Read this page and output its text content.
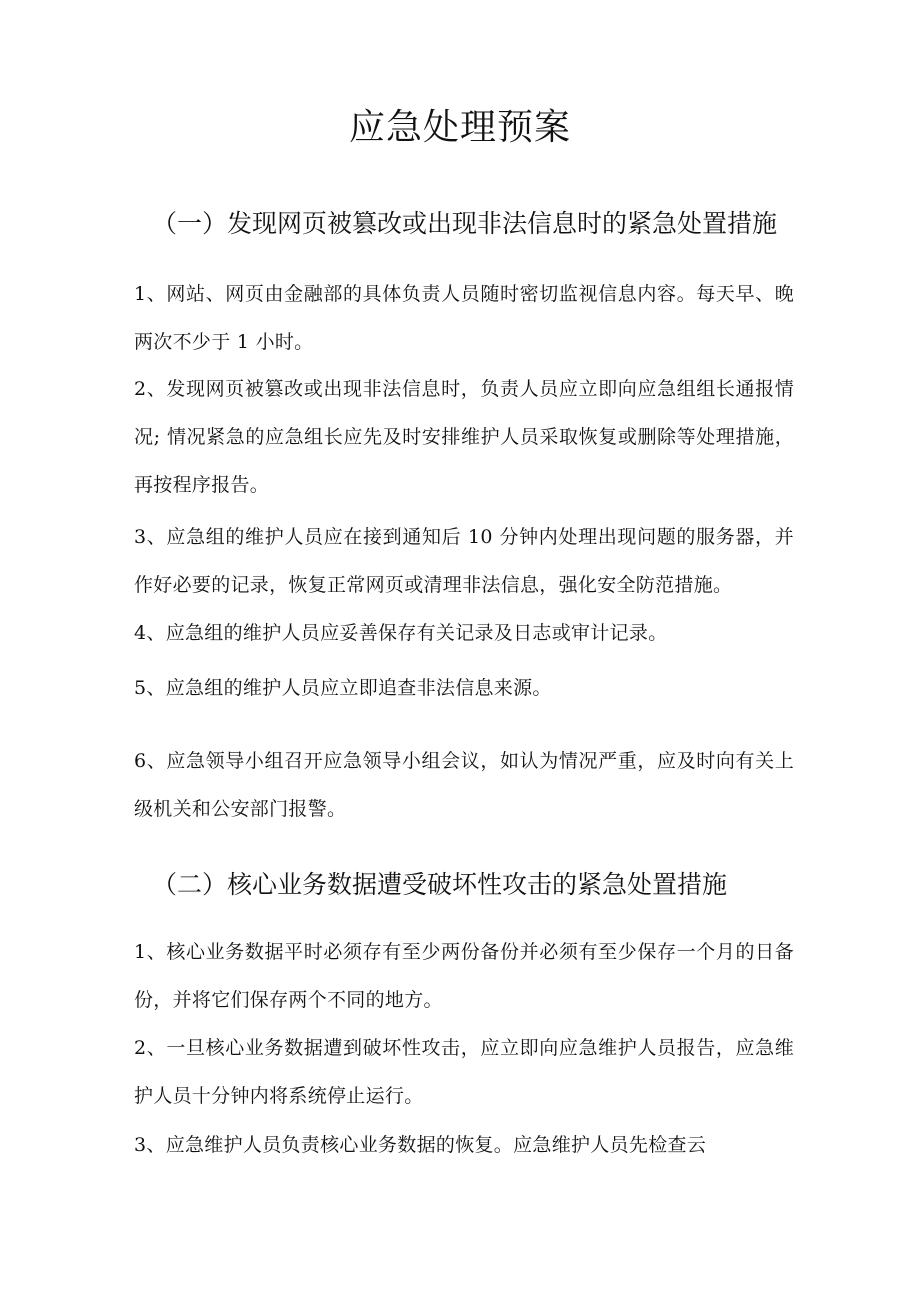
应急处理预案
（一）发现网页被篡改或出现非法信息时的紧急处置措施

1、网站、网页由金融部的具体负责人员随时密切监视信息内容。每天早、晚两次不少于 1 小时。

2、发现网页被篡改或出现非法信息时，负责人员应立即向应急组组长通报情况; 情况紧急的应急组长应先及时安排维护人员采取恢复或删除等处理措施，再按程序报告。

3、应急组的维护人员应在接到通知后 10 分钟内处理出现问题的服务器，并作好必要的记录，恢复正常网页或清理非法信息，强化安全防范措施。

4、应急组的维护人员应妥善保存有关记录及日志或审计记录。

5、应急组的维护人员应立即追查非法信息来源。

6、应急领导小组召开应急领导小组会议，如认为情况严重，应及时向有关上级机关和公安部门报警。

（二）核心业务数据遭受破坏性攻击的紧急处置措施

1、核心业务数据平时必须存有至少两份备份并必须有至少保存一个月的日备份，并将它们保存两个不同的地方。

2、一旦核心业务数据遭到破坏性攻击，应立即向应急维护人员报告，应急维护人员十分钟内将系统停止运行。

3、应急维护人员负责核心业务数据的恢复。应急维护人员先检查云
